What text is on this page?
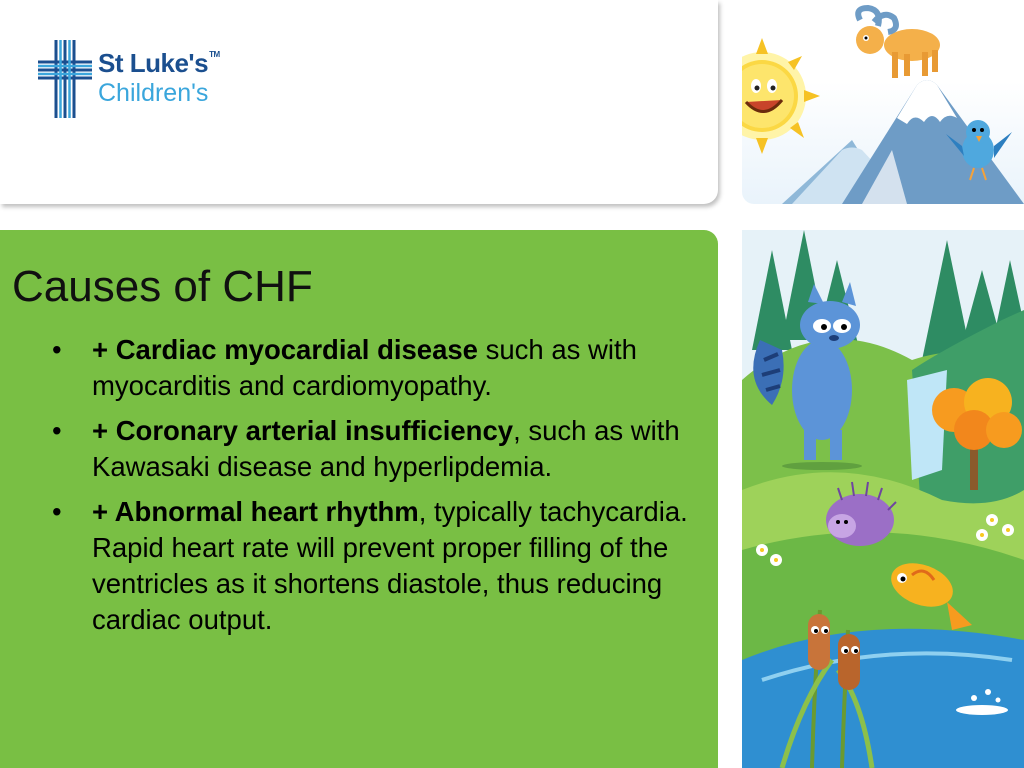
St Luke's™
Children's
Causes of CHF
• + Cardiac myocardial disease such as with myocarditis and cardiomyopathy.
• + Coronary arterial insufficiency, such as with Kawasaki disease and hyperlipdemia.
• + Abnormal heart rhythm, typically tachycardia.
Rapid heart rate will prevent proper filling of the ventricles as it shortens diastole, thus reducing cardiac output.
